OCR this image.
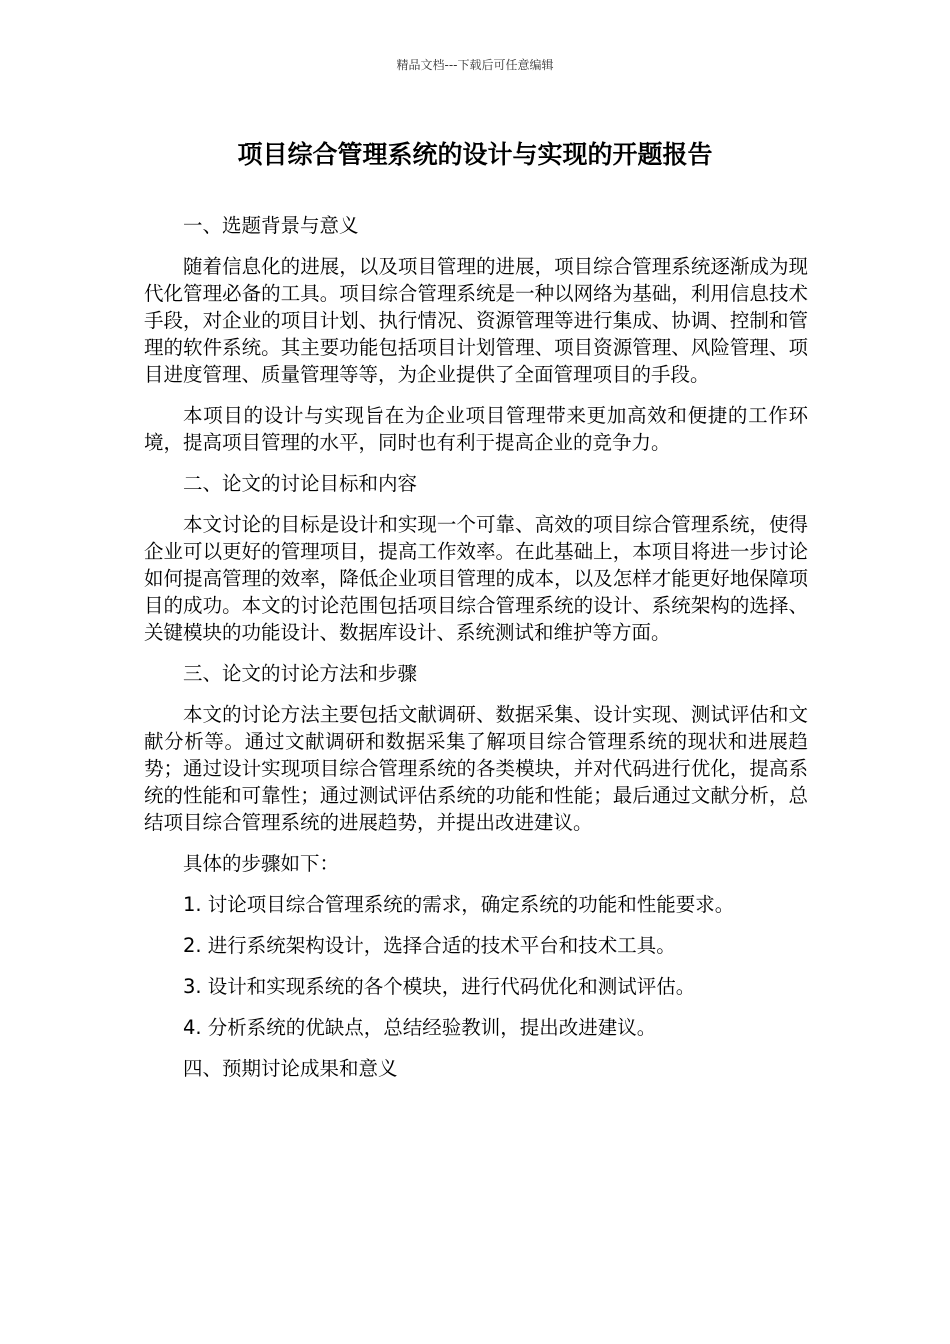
精品文档---下载后可任意编辑
项目综合管理系统的设计与实现的开题报告

一、选题背景与意义

随着信息化的进展，以及项目管理的进展，项目综合管理系统逐渐成为现代化管理必备的工具。项目综合管理系统是一种以网络为基础，利用信息技术手段，对企业的项目计划、执行情况、资源管理等进行集成、协调、控制和管理的软件系统。其主要功能包括项目计划管理、项目资源管理、风险管理、项目进度管理、质量管理等等，为企业提供了全面管理项目的手段。

本项目的设计与实现旨在为企业项目管理带来更加高效和便捷的工作环境，提高项目管理的水平，同时也有利于提高企业的竞争力。

二、论文的讨论目标和内容

本文讨论的目标是设计和实现一个可靠、高效的项目综合管理系统，使得企业可以更好的管理项目，提高工作效率。在此基础上，本项目将进一步讨论如何提高管理的效率，降低企业项目管理的成本，以及怎样才能更好地保障项目的成功。本文的讨论范围包括项目综合管理系统的设计、系统架构的选择、关键模块的功能设计、数据库设计、系统测试和维护等方面。

三、论文的讨论方法和步骤

本文的讨论方法主要包括文献调研、数据采集、设计实现、测试评估和文献分析等。通过文献调研和数据采集了解项目综合管理系统的现状和进展趋势；通过设计实现项目综合管理系统的各类模块，并对代码进行优化，提高系统的性能和可靠性；通过测试评估系统的功能和性能；最后通过文献分析，总结项目综合管理系统的进展趋势，并提出改进建议。

具体的步骤如下：

1. 讨论项目综合管理系统的需求，确定系统的功能和性能要求。

2. 进行系统架构设计，选择合适的技术平台和技术工具。

3. 设计和实现系统的各个模块，进行代码优化和测试评估。

4. 分析系统的优缺点，总结经验教训，提出改进建议。

四、预期讨论成果和意义
